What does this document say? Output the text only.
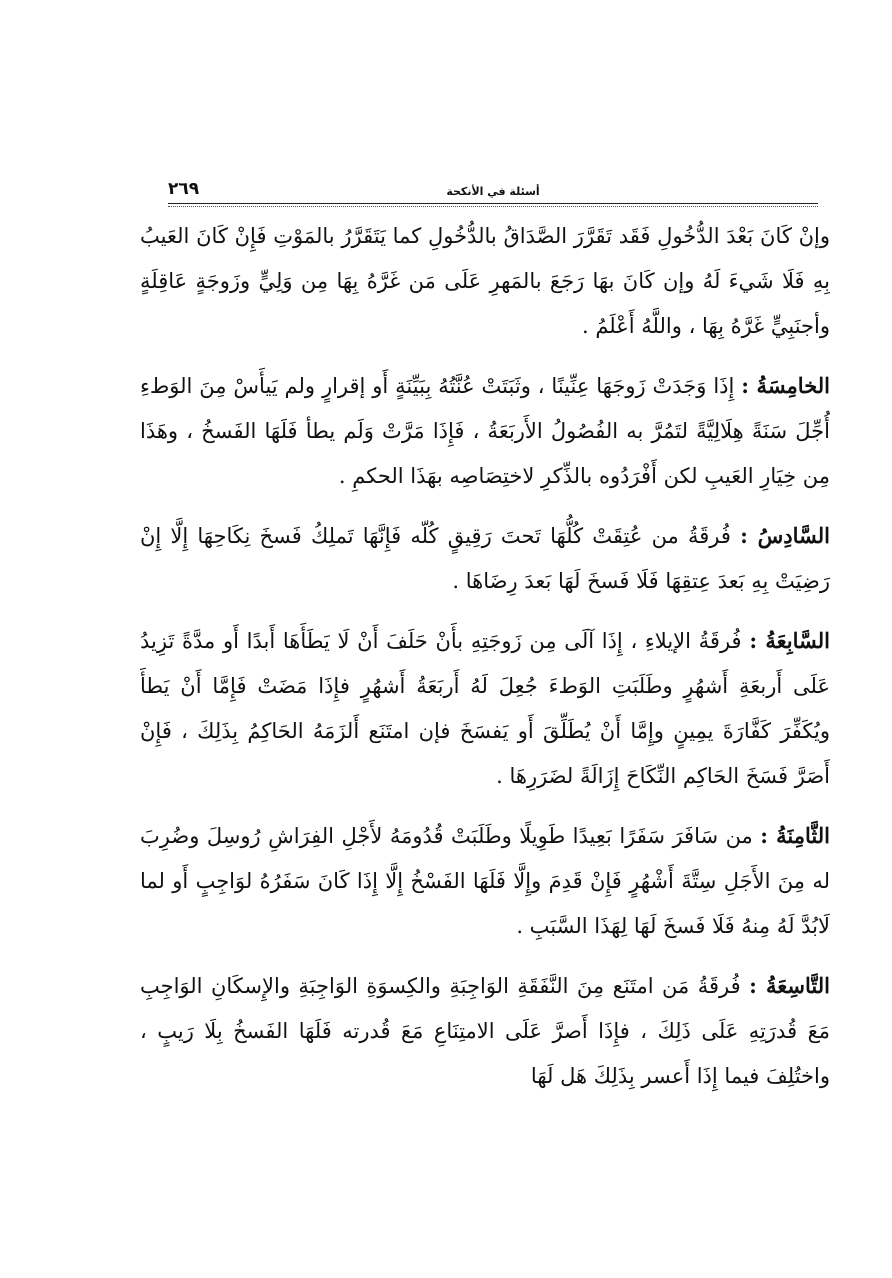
٢٦٩	أسئلة في الأنكحة

وإنْ كَانَ بَعْدَ الدُّخُولِ فَقَد تَقَرَّرَ الصَّدَاقُ بالدُّخُولِ كما يَتَقَرَّرُ بالمَوْتِ فَإِنْ كَانَ العَيبُ بِهِ فَلَا شَيءَ لَهُ وإن كَانَ بهَا رَجَعَ بالمَهرِ عَلَى مَن غَرَّهُ بِهَا مِن وَلِيٍّ وزَوجَةٍ عَاقِلَةٍ وأجنَبِيٍّ غَرَّهُ بِهَا ، واللَّهُ أَعْلَمُ .

الخامِسَةُ : إِذَا وَجَدَتْ زَوجَهَا عِنِّينًا ، وثَبَتَتْ عُنَّتُهُ بِبَيِّنَةٍ أَو إقرارٍ ولم يَيأَسْ مِنَ الوَطءِ أُجِّلَ سَنَةً هِلَالِيَّةً لتَمُرَّ به الفُصُولُ الأَربَعَةُ ، فَإِذَا مَرَّتْ وَلَم يطأ فَلَهَا الفَسخُ ، وهَذَا مِن خِيَارِ العَيبِ لكن أَفْرَدُوه بالذِّكرِ لاختِصَاصِه بهَذَا الحكمِ .

السَّادِسُ : فُرقَةُ من عُتِقَتْ كُلُّهَا تَحتَ رَقِيقٍ كُلّه فَإِنَّهَا تَملِكُ فَسخَ نِكَاحِهَا إِلَّا إِنْ رَضِيَتْ بِهِ بَعدَ عِتقِهَا فَلَا فَسخَ لَهَا بَعدَ رِضَاهَا .

السَّابِعَةُ : فُرقَةُ الإيلاءِ ، إِذَا آلَى مِن زَوجَتِهِ بأَنْ حَلَفَ أَنْ لَا يَطَأَهَا أَبدًا أَو مدَّةً تَزِيدُ عَلَى أَربعَةِ أَشهُرٍ وطَلَبَتِ الوَطءَ جُعِلَ لَهُ أَربَعَةُ أَشهُرٍ فإِذَا مَضَتْ فَإِمَّا أَنْ يَطأَ ويُكَفِّرَ كَفَّارَةَ يمِينٍ وإِمَّا أَنْ يُطَلِّقَ أَو يَفسَخَ فإن امتَنَع أَلزَمَهُ الحَاكِمُ بِذَلِكَ ، فَإِنْ أَصَرَّ فَسَخَ الحَاكِم النِّكَاحَ إِزَالَةً لضَرَرِهَا .

الثَّامِنَةُ : من سَافَرَ سَفَرًا بَعِيدًا طَوِيلًا وطَلَبَتْ قُدُومَهُ لأَجْلِ الفِرَاشِ رُوسِلَ وضُرِبَ له مِنَ الأَجَلِ سِتَّةَ أَشْهُرٍ فَإِنْ قَدِمَ وإِلَّا فَلَهَا الفَسْخُ إِلَّا إِذَا كَانَ سَفَرُهُ لوَاجِبٍ أَو لما لَابُدَّ لَهُ مِنهُ فَلَا فَسخَ لَهَا لِهَذَا السَّبَبِ .

التَّاسِعَةُ : فُرقَةُ مَن امتَنَع مِنَ النَّفَقَةِ الوَاجِبَةِ والكِسوَةِ الوَاجِبَةِ والإِسكَانِ الوَاجِبِ مَعَ قُدرَتِهِ عَلَى ذَلِكَ ، فإِذَا أَصرَّ عَلَى الامتِنَاعِ مَعَ قُدرته فَلَهَا الفَسخُ بِلَا رَيبٍ ، واختُلِفَ فيما إِذَا أَعسر بِذَلِكَ هَل لَهَا
